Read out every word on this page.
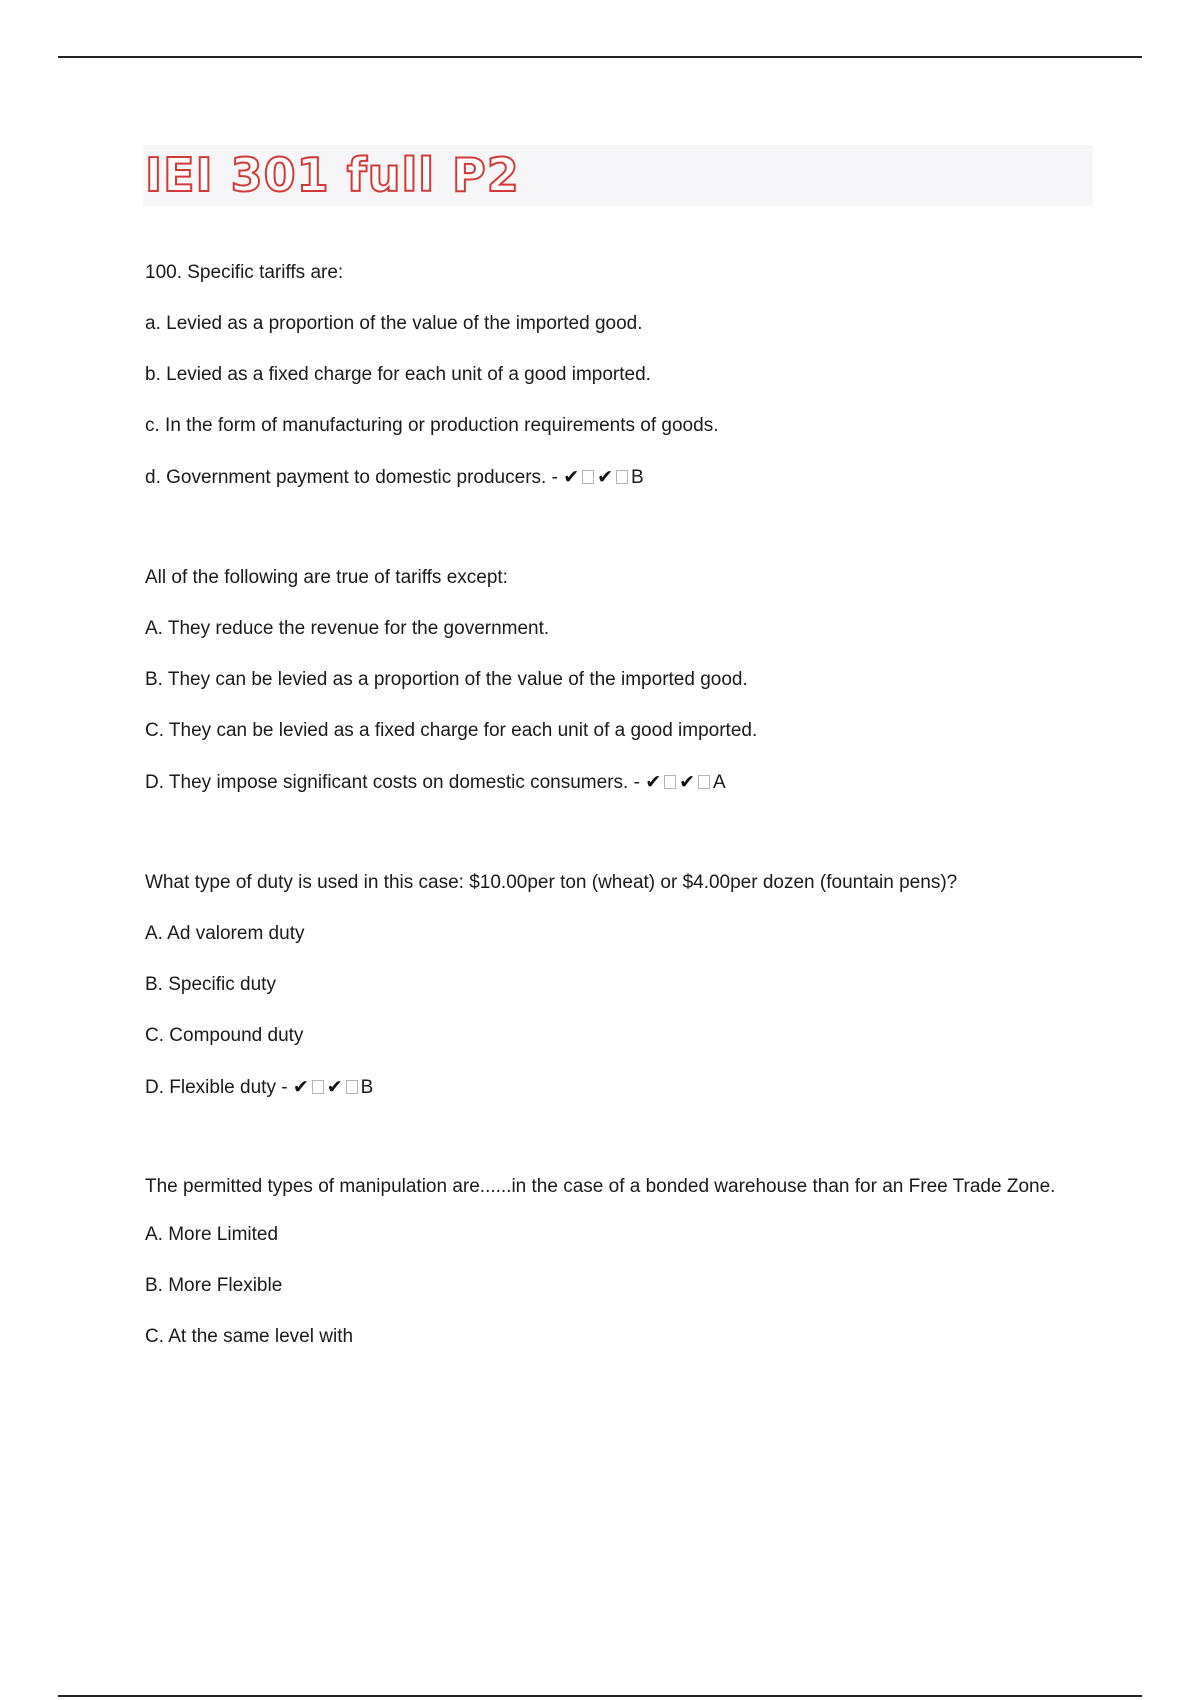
IEI 301 full P2

100. Specific tariffs are:

a. Levied as a proportion of the value of the imported good.

b. Levied as a fixed charge for each unit of a good imported.

c. In the form of manufacturing or production requirements of goods.

d. Government payment to domestic producers. - ✔ ✔ B

All of the following are true of tariffs except:

A. They reduce the revenue for the government.

B. They can be levied as a proportion of the value of the imported good.

C. They can be levied as a fixed charge for each unit of a good imported.

D. They impose significant costs on domestic consumers. - ✔ ✔ A

What type of duty is used in this case: $10.00per ton (wheat) or $4.00per dozen (fountain pens)?

A. Ad valorem duty

B. Specific duty

C. Compound duty

D. Flexible duty - ✔ ✔ B

The permitted types of manipulation are......in the case of a bonded warehouse than for an Free Trade Zone.

A. More Limited

B. More Flexible

C. At the same level with
